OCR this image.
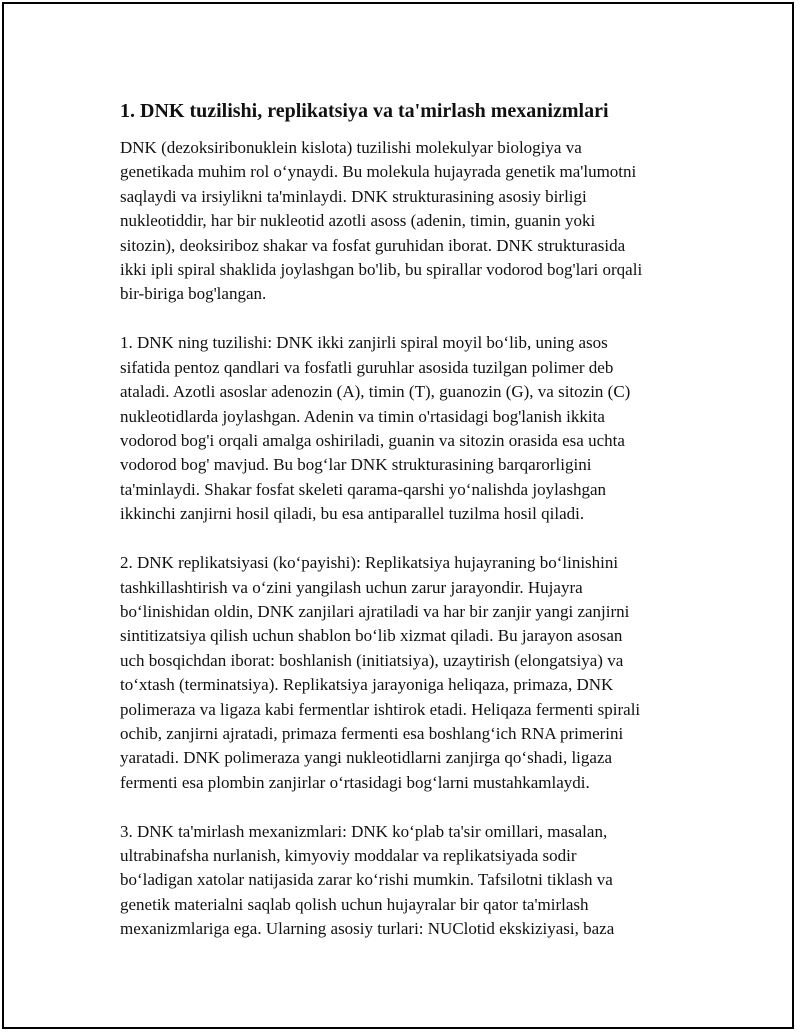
1. DNK tuzilishi, replikatsiya va ta'mirlash mexanizmlari
DNK (dezoksiribonuklein kislota) tuzilishi molekulyar biologiya va
genetikada muhim rol o‘ynaydi. Bu molekula hujayrada genetik ma'lumotni
saqlaydi va irsiylikni ta'minlaydi. DNK strukturasining asosiy birligi
nukleotiddir, har bir nukleotid azotli asoss (adenin, timin, guanin yoki
sitozin), deoksiriboz shakar va fosfat guruhidan iborat. DNK strukturasida
ikki ipli spiral shaklida joylashgan bo'lib, bu spirallar vodorod bog'lari orqali
bir-biriga bog'langan.
1. DNK ning tuzilishi: DNK ikki zanjirli spiral moyil bo‘lib, uning asos
sifatida pentoz qandlari va fosfatli guruhlar asosida tuzilgan polimer deb
ataladi. Azotli asoslar adenozin (A), timin (T), guanozin (G), va sitozin (C)
nukleotidlarda joylashgan. Adenin va timin o'rtasidagi bog'lanish ikkita
vodorod bog'i orqali amalga oshiriladi, guanin va sitozin orasida esa uchta
vodorod bog' mavjud. Bu bog‘lar DNK strukturasining barqarorligini
ta'minlaydi. Shakar fosfat skeleti qarama-qarshi yo‘nalishda joylashgan
ikkinchi zanjirni hosil qiladi, bu esa antiparallel tuzilma hosil qiladi.
2. DNK replikatsiyasi (ko‘payishi): Replikatsiya hujayraning bo‘linishini
tashkillashtirish va o‘zini yangilash uchun zarur jarayondir. Hujayra
bo‘linishidan oldin, DNK zanjilari ajratiladi va har bir zanjir yangi zanjirni
sintitizatsiya qilish uchun shablon bo‘lib xizmat qiladi. Bu jarayon asosan
uch bosqichdan iborat: boshlanish (initiatsiya), uzaytirish (elongatsiya) va
to‘xtash (terminatsiya). Replikatsiya jarayoniga heliqaza, primaza, DNK
polimeraza va ligaza kabi fermentlar ishtirok etadi. Heliqaza fermenti spirali
ochib, zanjirni ajratadi, primaza fermenti esa boshlang‘ich RNA primerini
yaratadi. DNK polimeraza yangi nukleotidlarni zanjirga qo‘shadi, ligaza
fermenti esa plombin zanjirlar o‘rtasidagi bog‘larni mustahkamlaydi.
3. DNK ta'mirlash mexanizmlari: DNK ko‘plab ta'sir omillari, masalan,
ultrabinafsha nurlanish, kimyoviy moddalar va replikatsiyada sodir
bo‘ladigan xatolar natijasida zarar ko‘rishi mumkin. Tafsilotni tiklash va
genetik materialni saqlab qolish uchun hujayralar bir qator ta'mirlash
mexanizmlariga ega. Ularning asosiy turlari: NUClotid ekskiziyasi, baza
